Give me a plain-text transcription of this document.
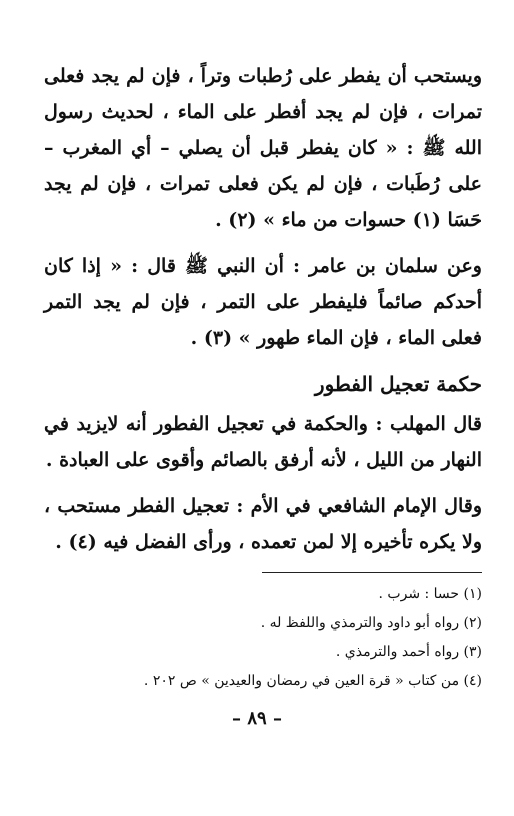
ويستحب أن يفطر على رُطبات وتراً ، فإن لم يجد فعلى تمرات ، فإن لم يجد أفطر على الماء ، لحديث رسول الله ﷺ : « كان يفطر قبل أن يصلي – أي المغرب – على رُطَبات ، فإن لم يكن فعلى تمرات ، فإن لم يجد حَسَا (١) حسوات من ماء » (٢) .

وعن سلمان بن عامر : أن النبي ﷺ قال : « إذا كان أحدكم صائماً فليفطر على التمر ، فإن لم يجد التمر فعلى الماء ، فإن الماء طهور » (٣) .

حكمة تعجيل الفطور

قال المهلب : والحكمة في تعجيل الفطور أنه لايزيد في النهار من الليل ، لأنه أرفق بالصائم وأقوى على العبادة .

وقال الإمام الشافعي في الأم : تعجيل الفطر مستحب ، ولا يكره تأخيره إلا لمن تعمده ، ورأى الفضل فيه (٤) .

(١) حسا : شرب .

(٢) رواه أبو داود والترمذي واللفظ له .

(٣) رواه أحمد والترمذي .

(٤) من كتاب « قرة العين في رمضان والعيدين » ص ٢٠٢ .

– ٨٩ –
